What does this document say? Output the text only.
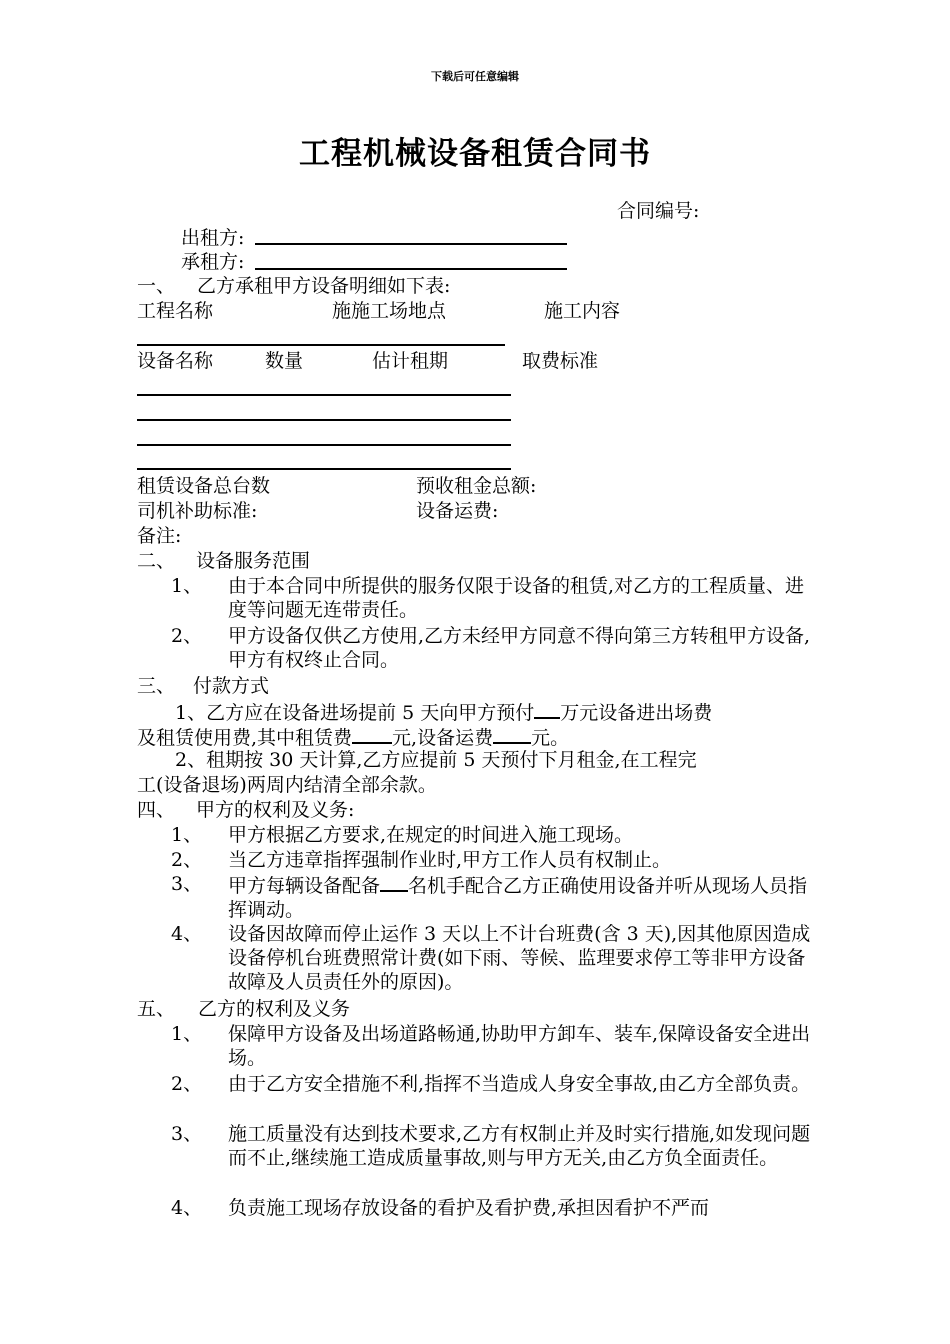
下载后可任意编辑
工程机械设备租赁合同书
合同编号:
出租方:
承租方:
一、 乙方承租甲方设备明细如下表:
工程名称	施施工场地点	施工内容
设备名称	数量	估计租期	取费标准
租赁设备总台数	预收租金总额:
司机补助标准:	设备运费:
备注:
二、 设备服务范围
1、 由于本合同中所提供的服务仅限于设备的租赁,对乙方的工程质量、进度等问题无连带责任。
2、 甲方设备仅供乙方使用,乙方未经甲方同意不得向第三方转租甲方设备,甲方有权终止合同。
三、 付款方式
1、乙方应在设备进场提前 5 天向甲方预付 万元设备进出场费
及租赁使用费,其中租赁费 元,设备运费 元。
2、租期按 30 天计算,乙方应提前 5 天预付下月租金,在工程完
工(设备退场)两周内结清全部余款。
四、 甲方的权利及义务:
1、 甲方根据乙方要求,在规定的时间进入施工现场。
2、 当乙方违章指挥强制作业时,甲方工作人员有权制止。
3、 甲方每辆设备配备 名机手配合乙方正确使用设备并听从现场人员指挥调动。
4、 设备因故障而停止运作 3 天以上不计台班费(含 3 天),因其他原因造成设备停机台班费照常计费(如下雨、等候、监理要求停工等非甲方设备故障及人员责任外的原因)。
五、 乙方的权利及义务
1、 保障甲方设备及出场道路畅通,协助甲方卸车、装车,保障设备安全进出场。
2、 由于乙方安全措施不利,指挥不当造成人身安全事故,由乙方全部负责。
3、 施工质量没有达到技术要求,乙方有权制止并及时实行措施,如发现问题而不止,继续施工造成质量事故,则与甲方无关,由乙方负全面责任。
4、 负责施工现场存放设备的看护及看护费,承担因看护不严而
